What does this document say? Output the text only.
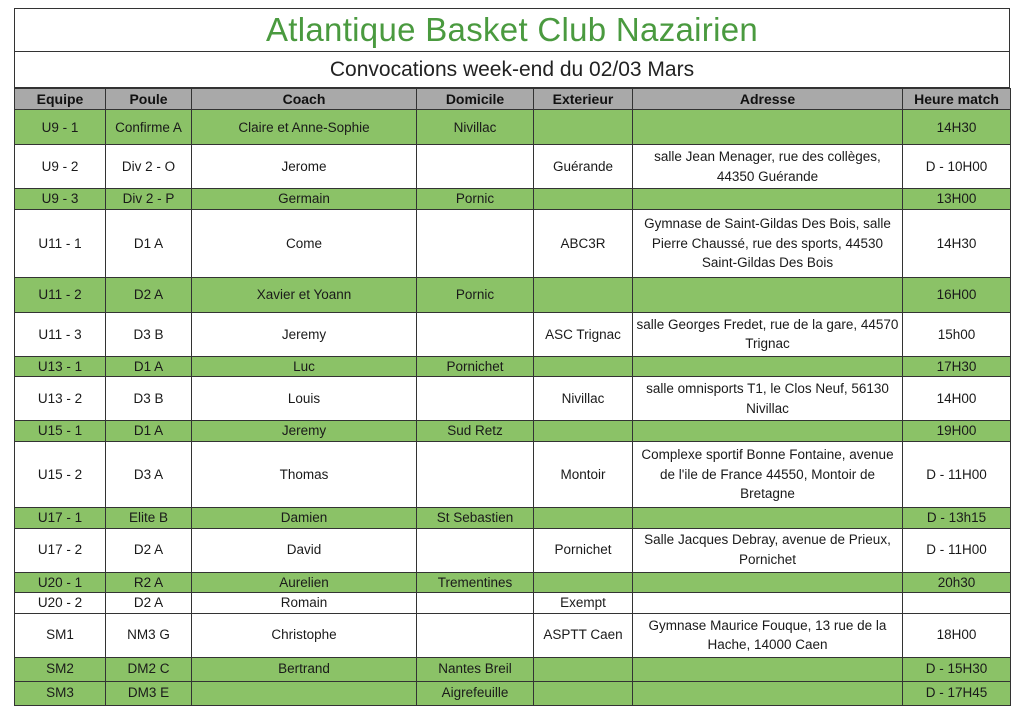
Atlantique Basket Club Nazairien
Convocations week-end du 02/03 Mars
Equipe	Poule	Coach	Domicile	Exterieur	Adresse	Heure match
U9 - 1	Confirme A	Claire et Anne-Sophie	Nivillac			14H30
U9 - 2	Div 2 - O	Jerome		Guérande	salle Jean Menager, rue des collèges, 44350 Guérande	D - 10H00
U9 - 3	Div 2 - P	Germain	Pornic			13H00
U11 - 1	D1 A	Come		ABC3R	Gymnase de Saint-Gildas Des Bois, salle Pierre Chaussé, rue des sports, 44530 Saint-Gildas Des Bois	14H30
U11 - 2	D2 A	Xavier et Yoann	Pornic			16H00
U11 - 3	D3 B	Jeremy		ASC Trignac	salle Georges Fredet, rue de la gare, 44570 Trignac	15h00
U13 - 1	D1 A	Luc	Pornichet			17H30
U13 - 2	D3 B	Louis		Nivillac	salle omnisports T1, le Clos Neuf, 56130 Nivillac	14H00
U15 - 1	D1 A	Jeremy	Sud Retz			19H00
U15 - 2	D3 A	Thomas		Montoir	Complexe sportif Bonne Fontaine, avenue de l'ile de France 44550, Montoir de Bretagne	D - 11H00
U17 - 1	Elite B	Damien	St Sebastien			D - 13h15
U17 - 2	D2 A	David		Pornichet	Salle Jacques Debray, avenue de Prieux, Pornichet	D - 11H00
U20 - 1	R2 A	Aurelien	Trementines			20h30
U20 - 2	D2 A	Romain		Exempt		
SM1	NM3 G	Christophe		ASPTT Caen	Gymnase Maurice Fouque, 13 rue de la Hache, 14000 Caen	18H00
SM2	DM2 C	Bertrand	Nantes Breil			D - 15H30
SM3	DM3 E		Aigrefeuille			D - 17H45
